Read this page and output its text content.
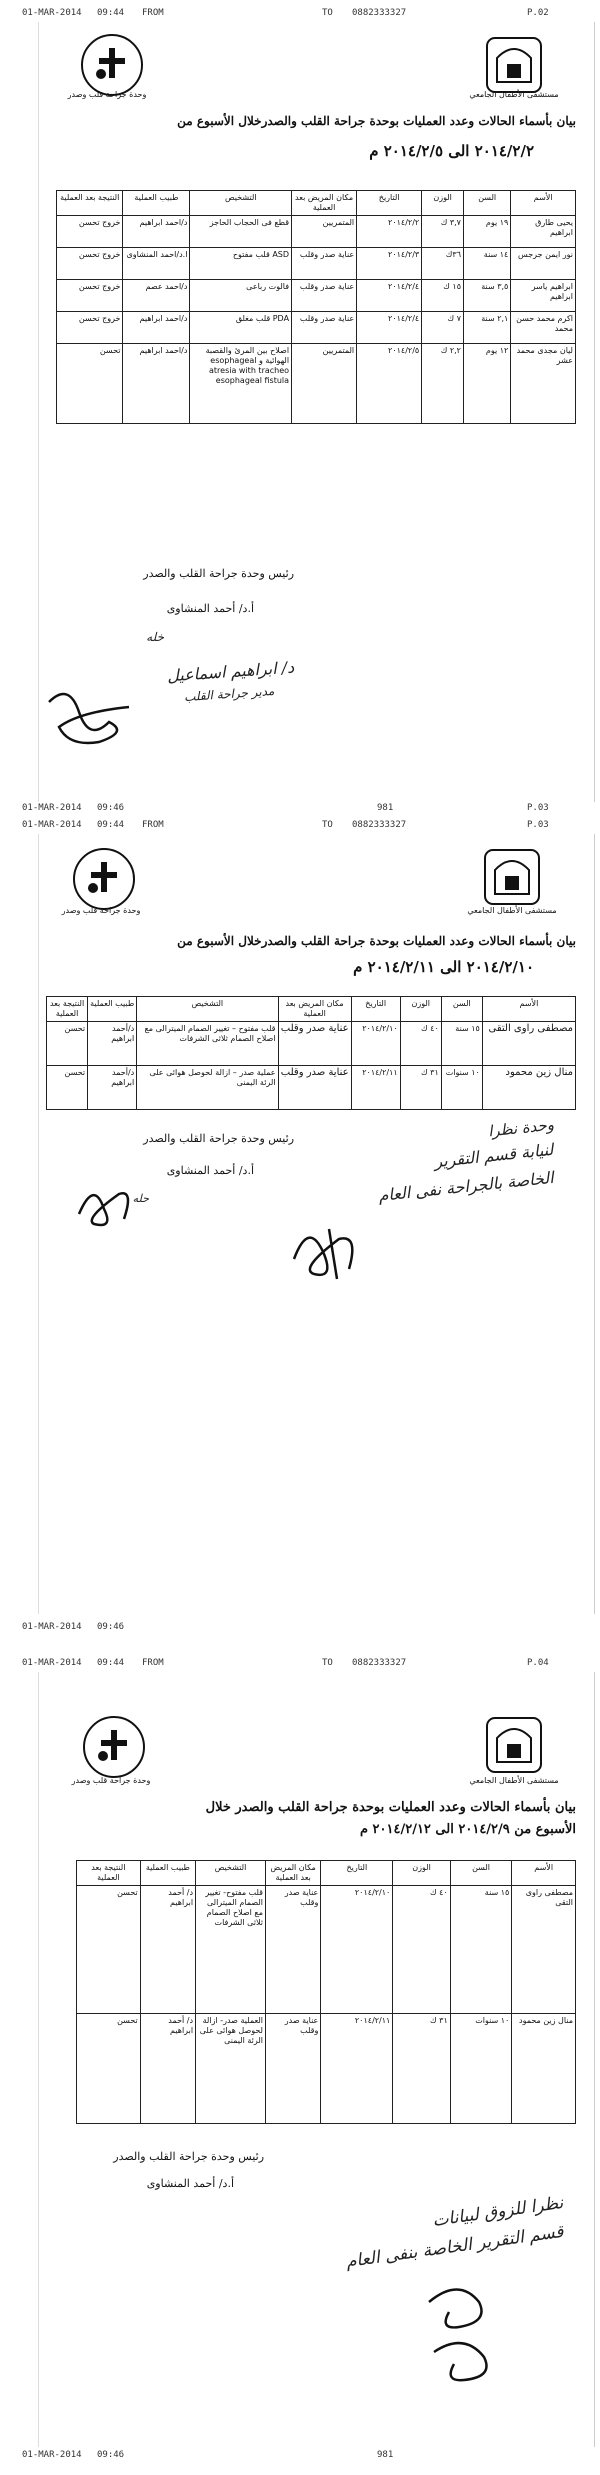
01-MAR-2014 09:44 FROM	TO 0882333327	P.02
وحدة جراحة قلب وصدر	مستشفى الأطفال الجامعي
بيان بأسماء الحالات وعدد العمليات بوحدة جراحة القلب والصدرخلال الأسبوع من
٢٠١٤/٢/٢ الى ٢٠١٤/٢/٥ م
الأسم	السن	الوزن	التاريخ	مكان المريض بعد العملية	التشخيص	طبيب العملية	النتيجة بعد العملية
يحيى طارق ابراهيم	١٩ يوم	٣,٧ ك	٢٠١٤/٢/٢	المتمريين	قطع فى الحجاب الحاجز	د/احمد ابراهيم	خروج تحسن
نور ايمن جرجس	١٤ سنة	٣٦ك	٢٠١٤/٢/٣	عناية صدر وقلب	ASD قلب مفتوح	ا.د/احمد المنشاوى	خروج تحسن
ابراهيم ياسر ابراهيم	٣,٥ سنة	١٥ ك	٢٠١٤/٢/٤	عناية صدر وقلب	فالوت رباعى	د/احمد عصم	خروج تحسن
اكرم محمد حسن محمد	٢,١ سنة	٧ ك	٢٠١٤/٢/٤	عناية صدر وقلب	PDA قلب مغلق	د/احمد ابراهيم	خروج تحسن
ليان مجدى محمد عشر	١٢ يوم	٢,٢ ك	٢٠١٤/٢/٥	المتمريين	اصلاح بين المرئ والقصبة الهوائية و esophageal atresia with tracheo esophageal fistula	د/احمد ابراهيم	تحسن
رئيس وحدة جراحة القلب والصدر
أ.د/ أحمد المنشاوى
﻿خله
د/ ابراهيم اسماعيل
مدير جراحة القلب
01-MAR-2014 09:46	981	P.03
01-MAR-2014 09:44 FROM	TO 0882333327	P.03
وحدة جراحة قلب وصدر	مستشفى الأطفال الجامعي
بيان بأسماء الحالات وعدد العمليات بوحدة جراحة القلب والصدرخلال الأسبوع من
٢٠١٤/٢/١٠ الى ٢٠١٤/٢/١١ م
الأسم	السن	الوزن	التاريخ	مكان المريض بعد العملية	التشخيص	طبيب العملية	النتيجة بعد العملية
مصطفى راوى التقى	١٥ سنة	٤٠ ك	٢٠١٤/٢/١٠	عناية صدر وقلب	قلب مفتوح – تغيير الصمام الميترالى مع اصلاح الصمام ثلاثى الشرفات	د/أحمد ابراهيم	تحسن
منال زين محمود	١٠ سنوات	٣١ ك	٢٠١٤/٢/١١	عناية صدر وقلب	عملية صدر – ازالة لحوصل هوائى على الرئة اليمنى	د/أحمد ابراهيم	تحسن
رئيس وحدة جراحة القلب والصدر
أ.د/ أحمد المنشاوى
حله
وحدة نظرا
لنيابة قسم التقرير
الخاصة بالجراحة نفى العام
01-MAR-2014 09:46
01-MAR-2014 09:44 FROM	TO 0882333327	P.04
وحدة جراحة قلب وصدر	مستشفى الأطفال الجامعي
بيان بأسماء الحالات وعدد العمليات بوحدة جراحة القلب والصدر خلال
الأسبوع من ٢٠١٤/٢/٩ الى ٢٠١٤/٢/١٢ م
الأسم	السن	الوزن	التاريخ	مكان المريض بعد العملية	التشخيص	طبيب العملية	النتيجة بعد العملية
مصطفى راوى التقى	١٥ سنة	٤٠ ك	٢٠١٤/٢/١٠	عناية صدر وقلب	قلب مفتوح- تغيير الصمام الميترالى مع اصلاح الصمام ثلاثى الشرفات	د/ أحمد ابراهيم	تحسن
منال زين محمود	١٠ سنوات	٣١ ك	٢٠١٤/٢/١١	عناية صدر وقلب	العملية صدر- ازالة لحوصل هوائى على الرئة اليمنى	د/ أحمد ابراهيم	تحسن
رئيس وحدة جراحة القلب والصدر
أ.د/ أحمد المنشاوى
نظرا للزوق لبيانات
قسم التقرير الخاصة بنفى العام
01-MAR-2014 09:46	981
